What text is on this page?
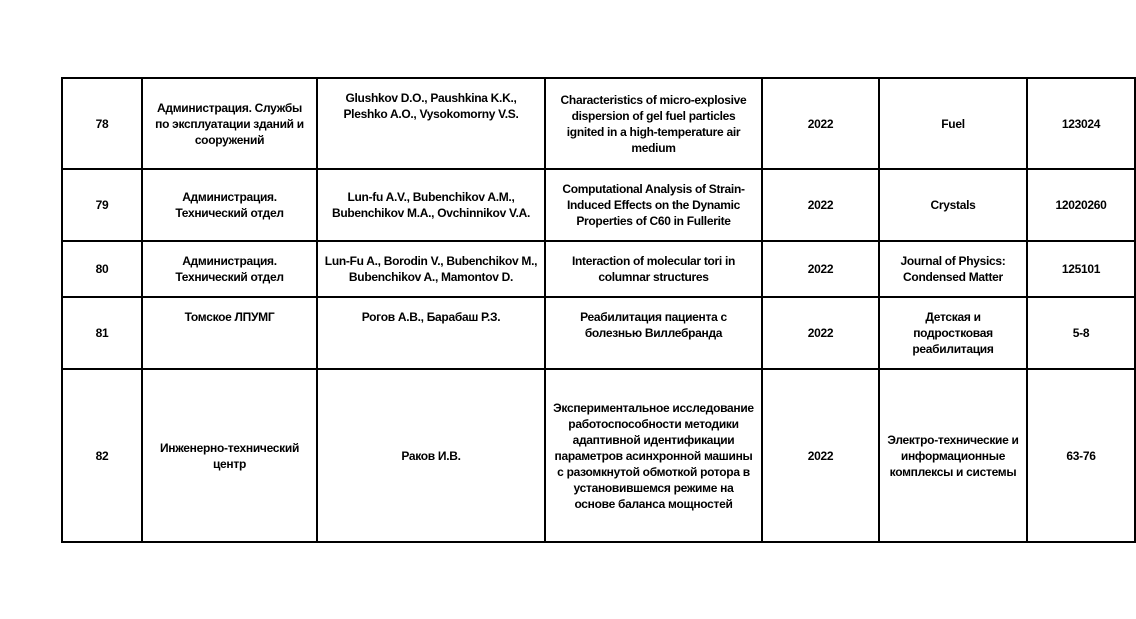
78	Администрация. Службы по эксплуатации зданий и сооружений	Glushkov D.O., Paushkina K.K., Pleshko A.O., Vysokomorny V.S.	Characteristics of micro-explosive dispersion of gel fuel particles ignited in a high-temperature air medium	2022	Fuel	123024
79	Администрация. Технический отдел	Lun-fu A.V., Bubenchikov A.M., Bubenchikov M.A., Ovchinnikov V.A.	Computational Analysis of Strain-Induced Effects on the Dynamic Properties of C60 in Fullerite	2022	Crystals	12020260
80	Администрация. Технический отдел	Lun-Fu A., Borodin V., Bubenchikov M., Bubenchikov A., Mamontov D.	Interaction of molecular tori in columnar structures	2022	Journal of Physics: Condensed Matter	125101
81	Томское ЛПУМГ	Рогов А.В., Барабаш Р.З.	Реабилитация пациента с болезнью Виллебранда	2022	Детская и подростковая реабилитация	5-8
82	Инженерно-технический центр	Раков И.В.	Экспериментальное исследование работоспособности методики адаптивной идентификации параметров асинхронной машины с разомкнутой обмоткой ротора в установившемся режиме на основе баланса мощностей	2022	Электро-технические и информационные комплексы и системы	63-76
